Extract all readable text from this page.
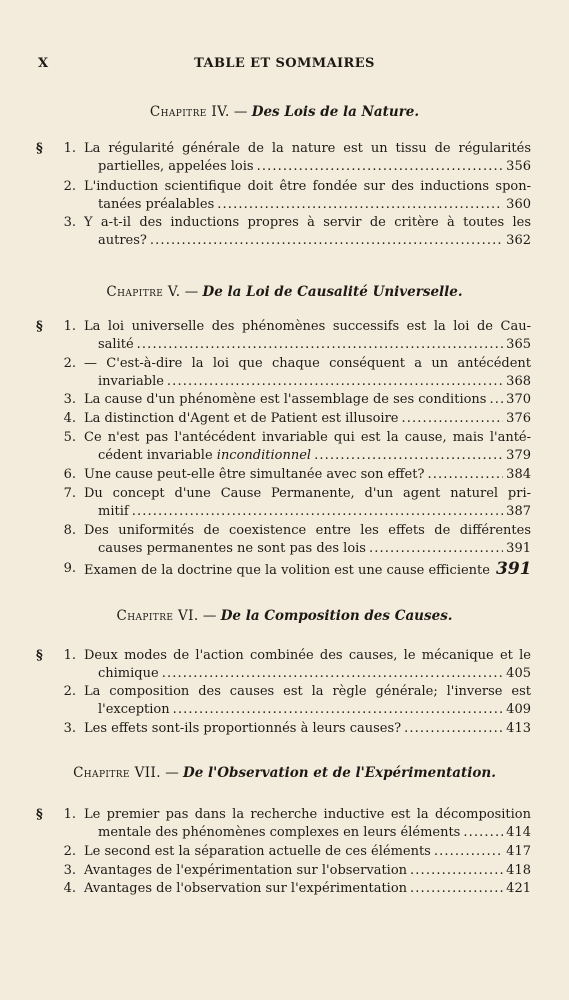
X	TABLE ET SOMMAIRES
Chapitre IV. — Des Lois de la Nature.
§	1. La régularité générale de la nature est un tissu de régularités
partielles, appelées lois . . .	356
2. L'induction scientifique doit être fondée sur des inductions spon-
tanées préalables . . .	360
3. Y a-t-il des inductions propres à servir de critère à toutes les
autres? . . .	362
Chapitre V. — De la Loi de Causalité Universelle.
§	1. La loi universelle des phénomènes successifs est la loi de Cau-
salité . . .	365
2. — C'est-à-dire la loi que chaque conséquent a un antécédent
invariable . . .	368
3. La cause d'un phénomène est l'assemblage de ses conditions . . . 370
4. La distinction d'Agent et de Patient est illusoire . . .	376
5. Ce n'est pas l'antécédent invariable qui est la cause, mais l'anté-
cédent invariable
inconditionnel . . .	379
6. Une cause peut-elle être simultanée avec son effet? . . .	384
7. Du concept d'une Cause Permanente, d'un agent naturel pri-
mitif . . .	387
8. Des uniformités de coexistence entre les effets de différentes
causes permanentes ne sont pas des lois . . .	391
9. Examen de la doctrine que la volition est une cause efficiente 391
Chapitre VI. — De la Composition des Causes.
§	1. Deux modes de l'action combinée des causes, le mécanique et le
chimique . . .	405
2. La composition des causes est la règle générale; l'inverse est
l'exception . . .	409
3. Les effets sont-ils proportionnés à leurs causes? . . .	413
Chapitre VII. — De l'Observation et de l'Expérimentation.
§	1. Le premier pas dans la recherche inductive est la décomposition
mentale des phénomènes complexes en leurs éléments . . .	414
2. Le second est la séparation actuelle de ces éléments . . .	417
3. Avantages de l'expérimentation sur l'observation . . .	418
4. Avantages de l'observation sur l'expérimentation . . .	421
